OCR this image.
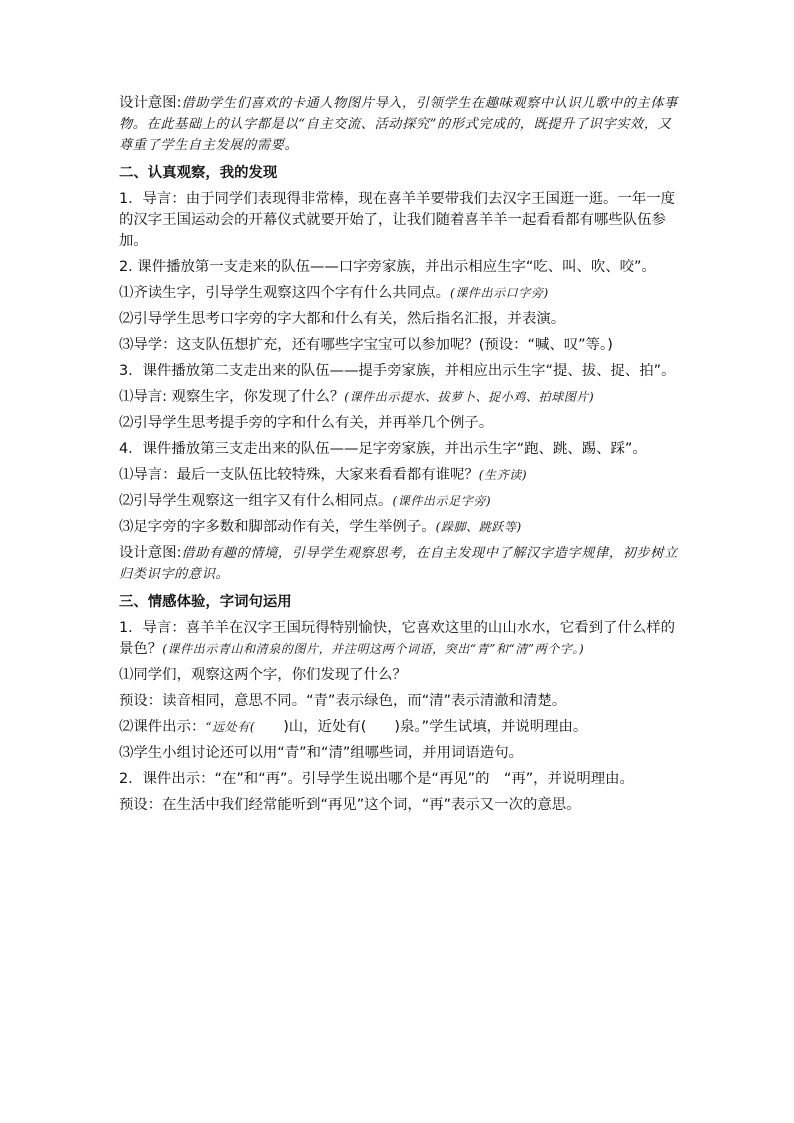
设计意图:借助学生们喜欢的卡通人物图片导入，引领学生在趣味观察中认识儿歌中的主体事物。在此基础上的认字都是以“自主交流、活动探究”的形式完成的，既提升了识字实效，又尊重了学生自主发展的需要。

二、认真观察，我的发现

1．导言：由于同学们表现得非常棒，现在喜羊羊要带我们去汉字王国逛一逛。一年一度的汉字王国运动会的开幕仪式就要开始了，让我们随着喜羊羊一起看看都有哪些队伍参加。

2. 课件播放第一支走来的队伍——口字旁家族，并出示相应生字“吃、叫、吹、咬”。

⑴齐读生字，引导学生观察这四个字有什么共同点。(课件出示口字旁)

⑵引导学生思考口字旁的字大都和什么有关，然后指名汇报，并表演。

⑶导学：这支队伍想扩充，还有哪些字宝宝可以参加呢？(预设：“喊、叹”等。)

3．课件播放第二支走出来的队伍——提手旁家族，并相应出示生字“提、拔、捉、拍”。

⑴导言: 观察生字，你发现了什么？(课件出示提水、拔萝卜、捉小鸡、拍球图片)

⑵引导学生思考提手旁的字和什么有关，并再举几个例子。

4．课件播放第三支走出来的队伍——足字旁家族，并出示生字“跑、跳、踢、踩”。

⑴导言：最后一支队伍比较特殊，大家来看看都有谁呢？(生齐读)

⑵引导学生观察这一组字又有什么相同点。(课件出示足字旁)

⑶足字旁的字多数和脚部动作有关，学生举例子。(跺脚、跳跃等)

设计意图:借助有趣的情境，引导学生观察思考，在自主发现中了解汉字造字规律，初步树立归类识字的意识。

三、情感体验，字词句运用

1．导言：喜羊羊在汉字王国玩得特别愉快，它喜欢这里的山山水水，它看到了什么样的景色？(课件出示青山和清泉的图片，并注明这两个词语，突出“青”和“清”两个字。)

⑴同学们，观察这两个字，你们发现了什么？

预设：读音相同，意思不同。“青”表示绿色，而“清”表示清澈和清楚。

⑵课件出示：“远处有( )山，近处有( )泉。”学生试填，并说明理由。

⑶学生小组讨论还可以用“青”和“清”组哪些词，并用词语造句。

2．课件出示：“在”和“再”。引导学生说出哪个是“再见”的　“再”，并说明理由。

预设：在生活中我们经常能听到“再见”这个词，“再”表示又一次的意思。
